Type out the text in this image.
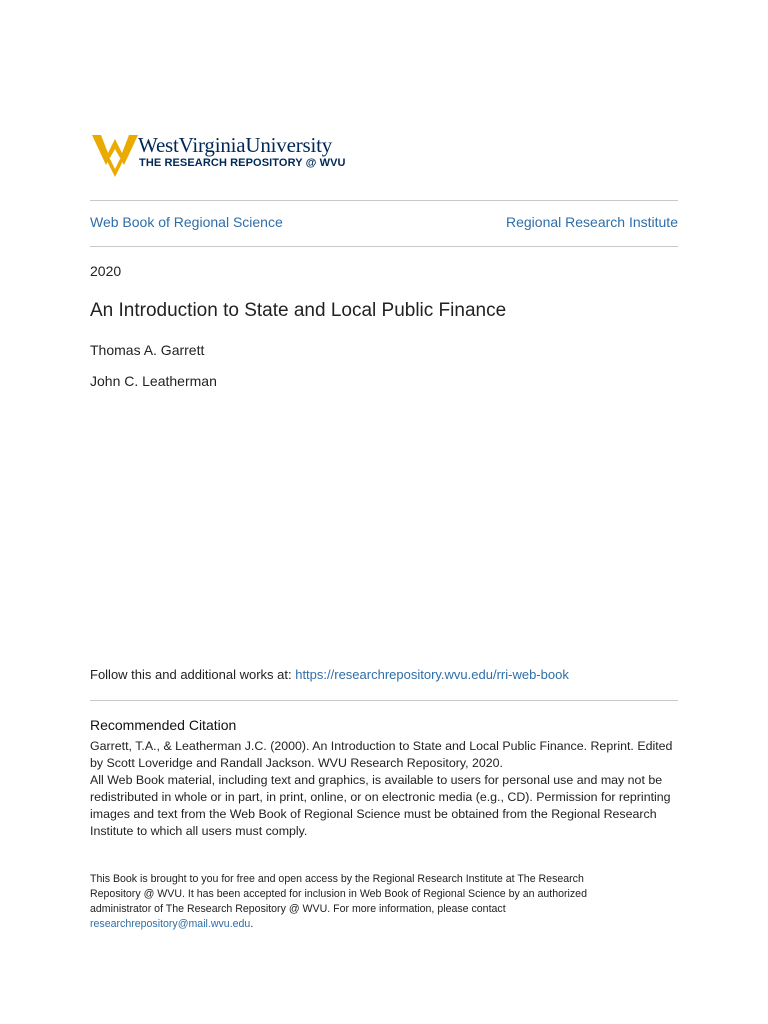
WestVirginiaUniversity
THE RESEARCH REPOSITORY @ WVU
Web Book of Regional Science	Regional Research Institute
2020
An Introduction to State and Local Public Finance
Thomas A. Garrett
John C. Leatherman
Follow this and additional works at: https://researchrepository.wvu.edu/rri-web-book
Recommended Citation

Garrett, T.A., & Leatherman J.C. (2000). An Introduction to State and Local Public Finance. Reprint. Edited by Scott Loveridge and Randall Jackson. WVU Research Repository, 2020.

All Web Book material, including text and graphics, is available to users for personal use and may not be redistributed in whole or in part, in print, online, or on electronic media (e.g., CD). Permission for reprinting images and text from the Web Book of Regional Science must be obtained from the Regional Research Institute to which all users must comply.

This Book is brought to you for free and open access by the Regional Research Institute at The Research Repository @ WVU. It has been accepted for inclusion in Web Book of Regional Science by an authorized administrator of The Research Repository @ WVU. For more information, please contact researchrepository@mail.wvu.edu.
